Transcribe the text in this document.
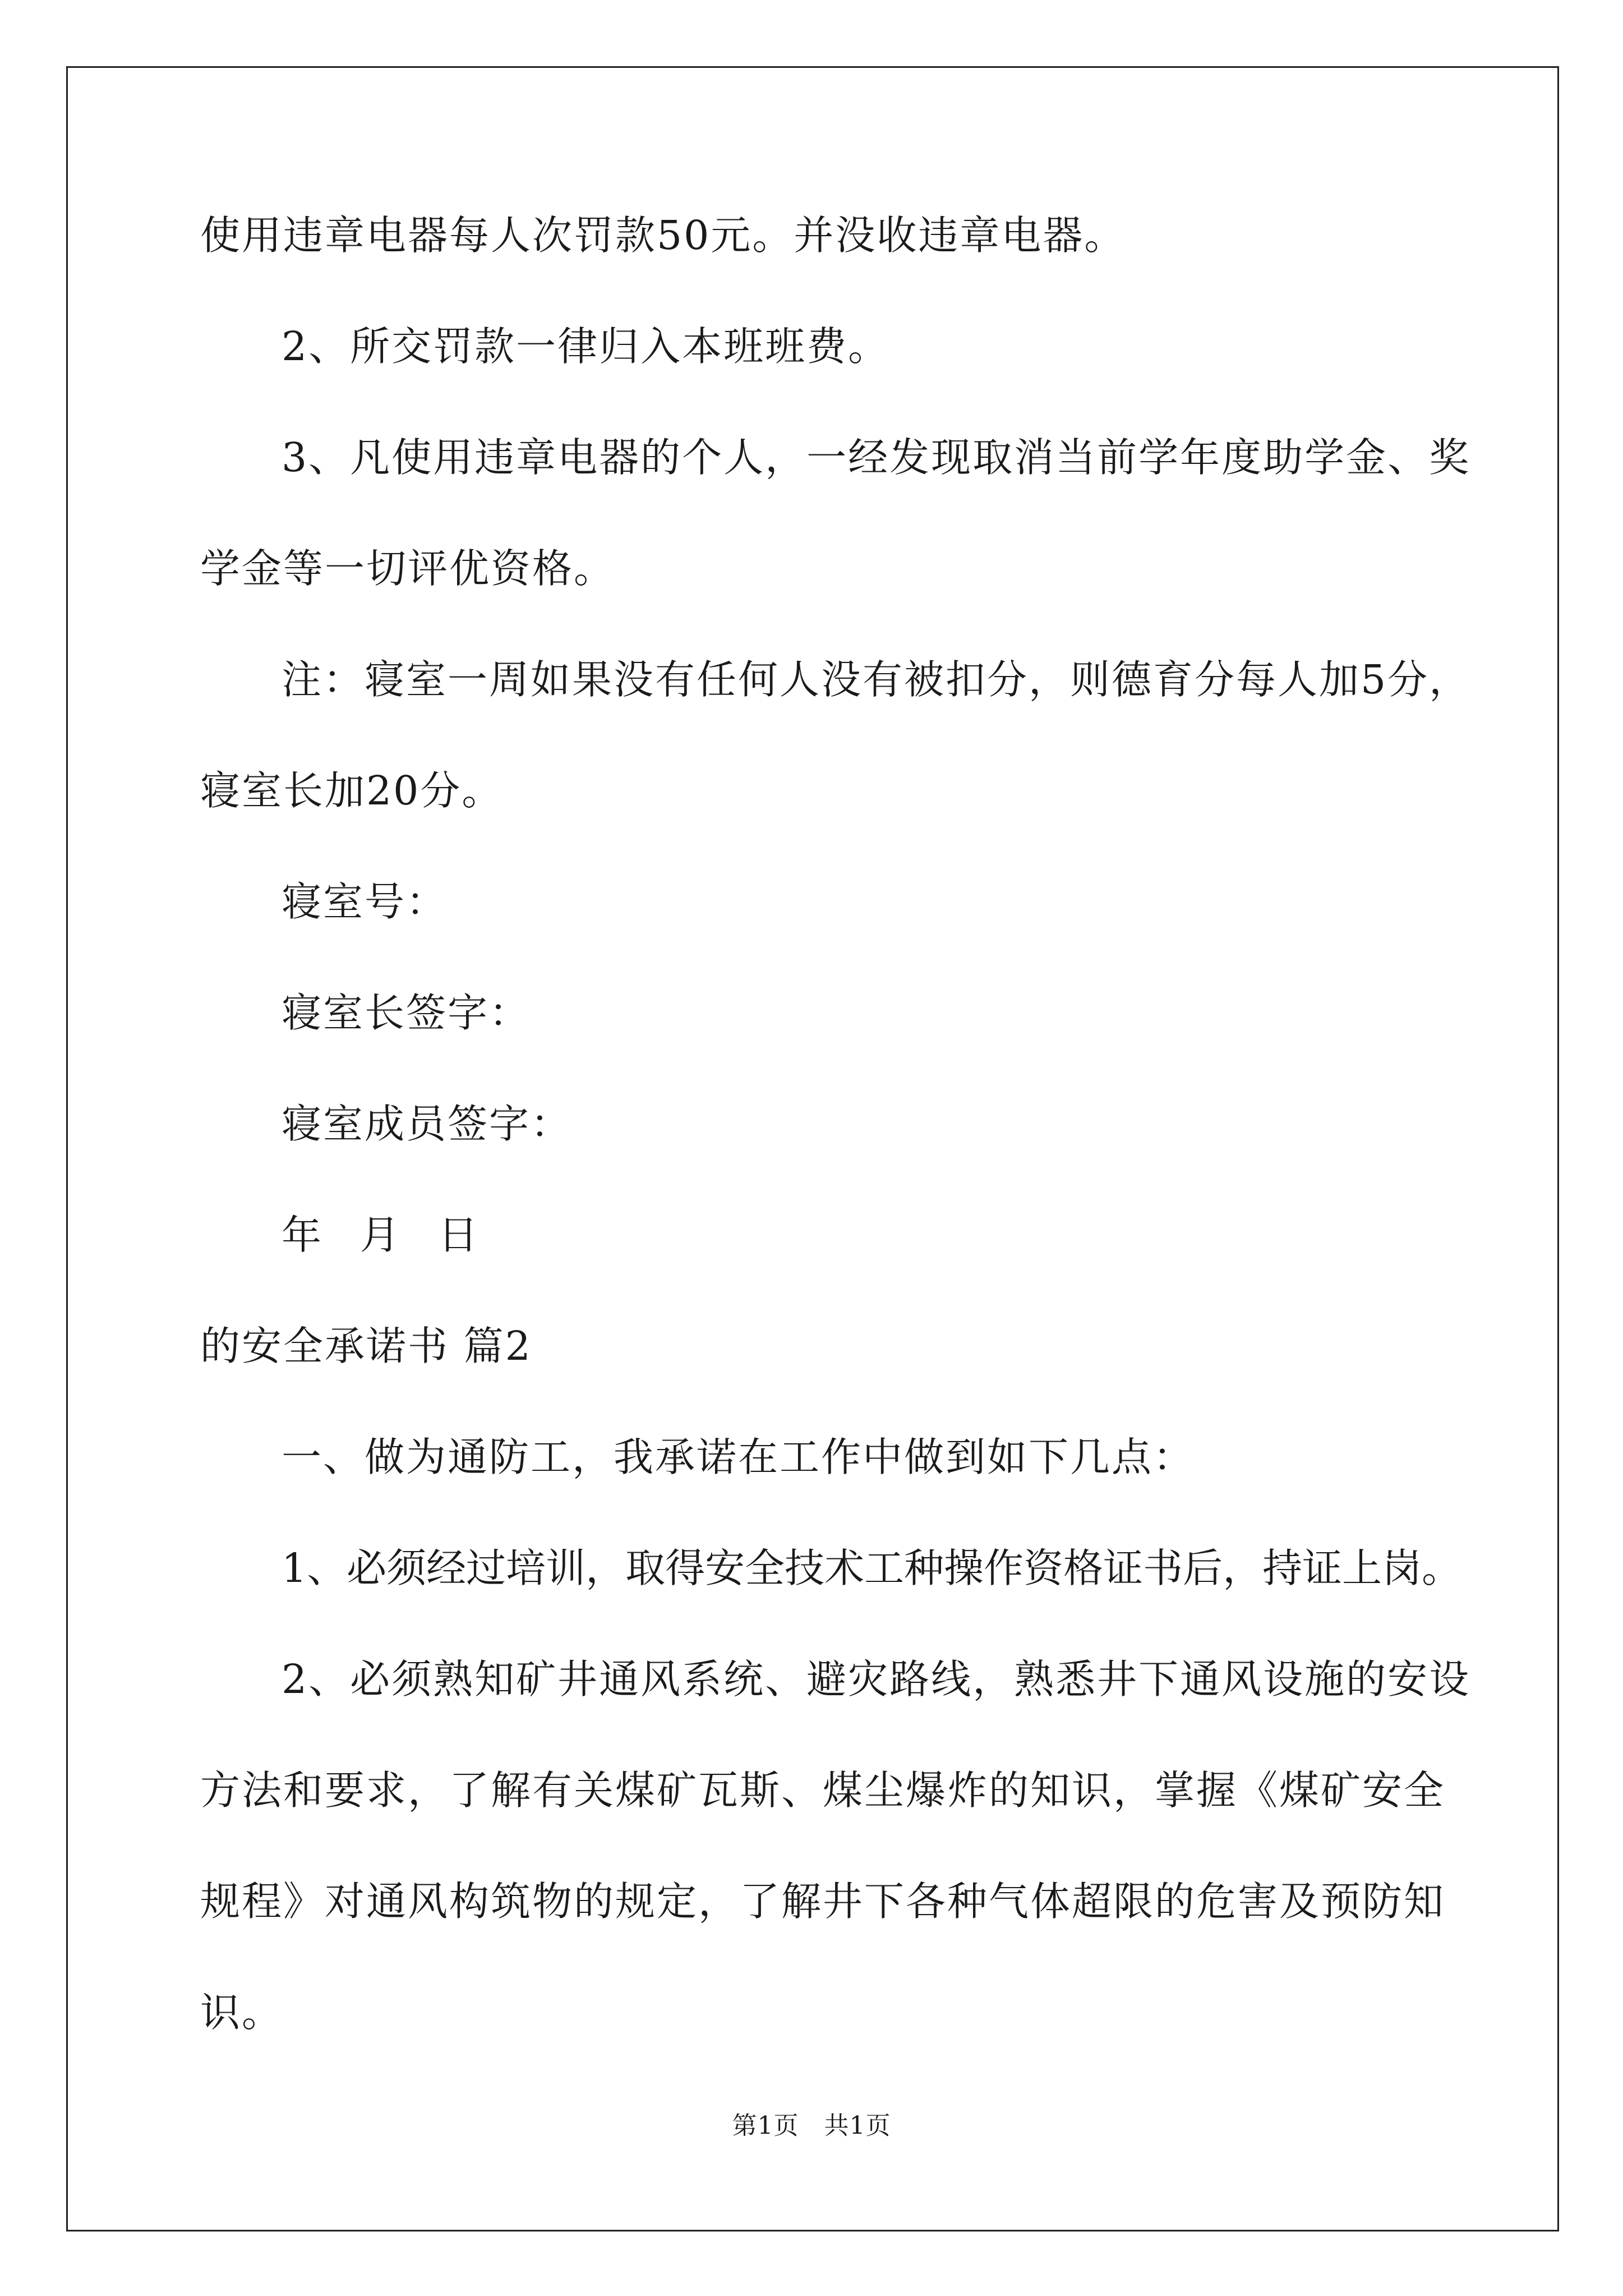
使用违章电器每人次罚款50元。并没收违章电器。
2、所交罚款一律归入本班班费。
3、凡使用违章电器的个人，一经发现取消当前学年度助学金、奖
学金等一切评优资格。
注：寝室一周如果没有任何人没有被扣分，则德育分每人加5分，
寝室长加20分。
寝室号：
寝室长签字：
寝室成员签字：
年 月 日
的安全承诺书 篇2
一、做为通防工，我承诺在工作中做到如下几点：
1、必须经过培训，取得安全技术工种操作资格证书后，持证上岗。
2、必须熟知矿井通风系统、避灾路线，熟悉井下通风设施的安设
方法和要求，了解有关煤矿瓦斯、煤尘爆炸的知识，掌握《煤矿安全
规程》对通风构筑物的规定，了解井下各种气体超限的危害及预防知
识。
第1页 共1页
